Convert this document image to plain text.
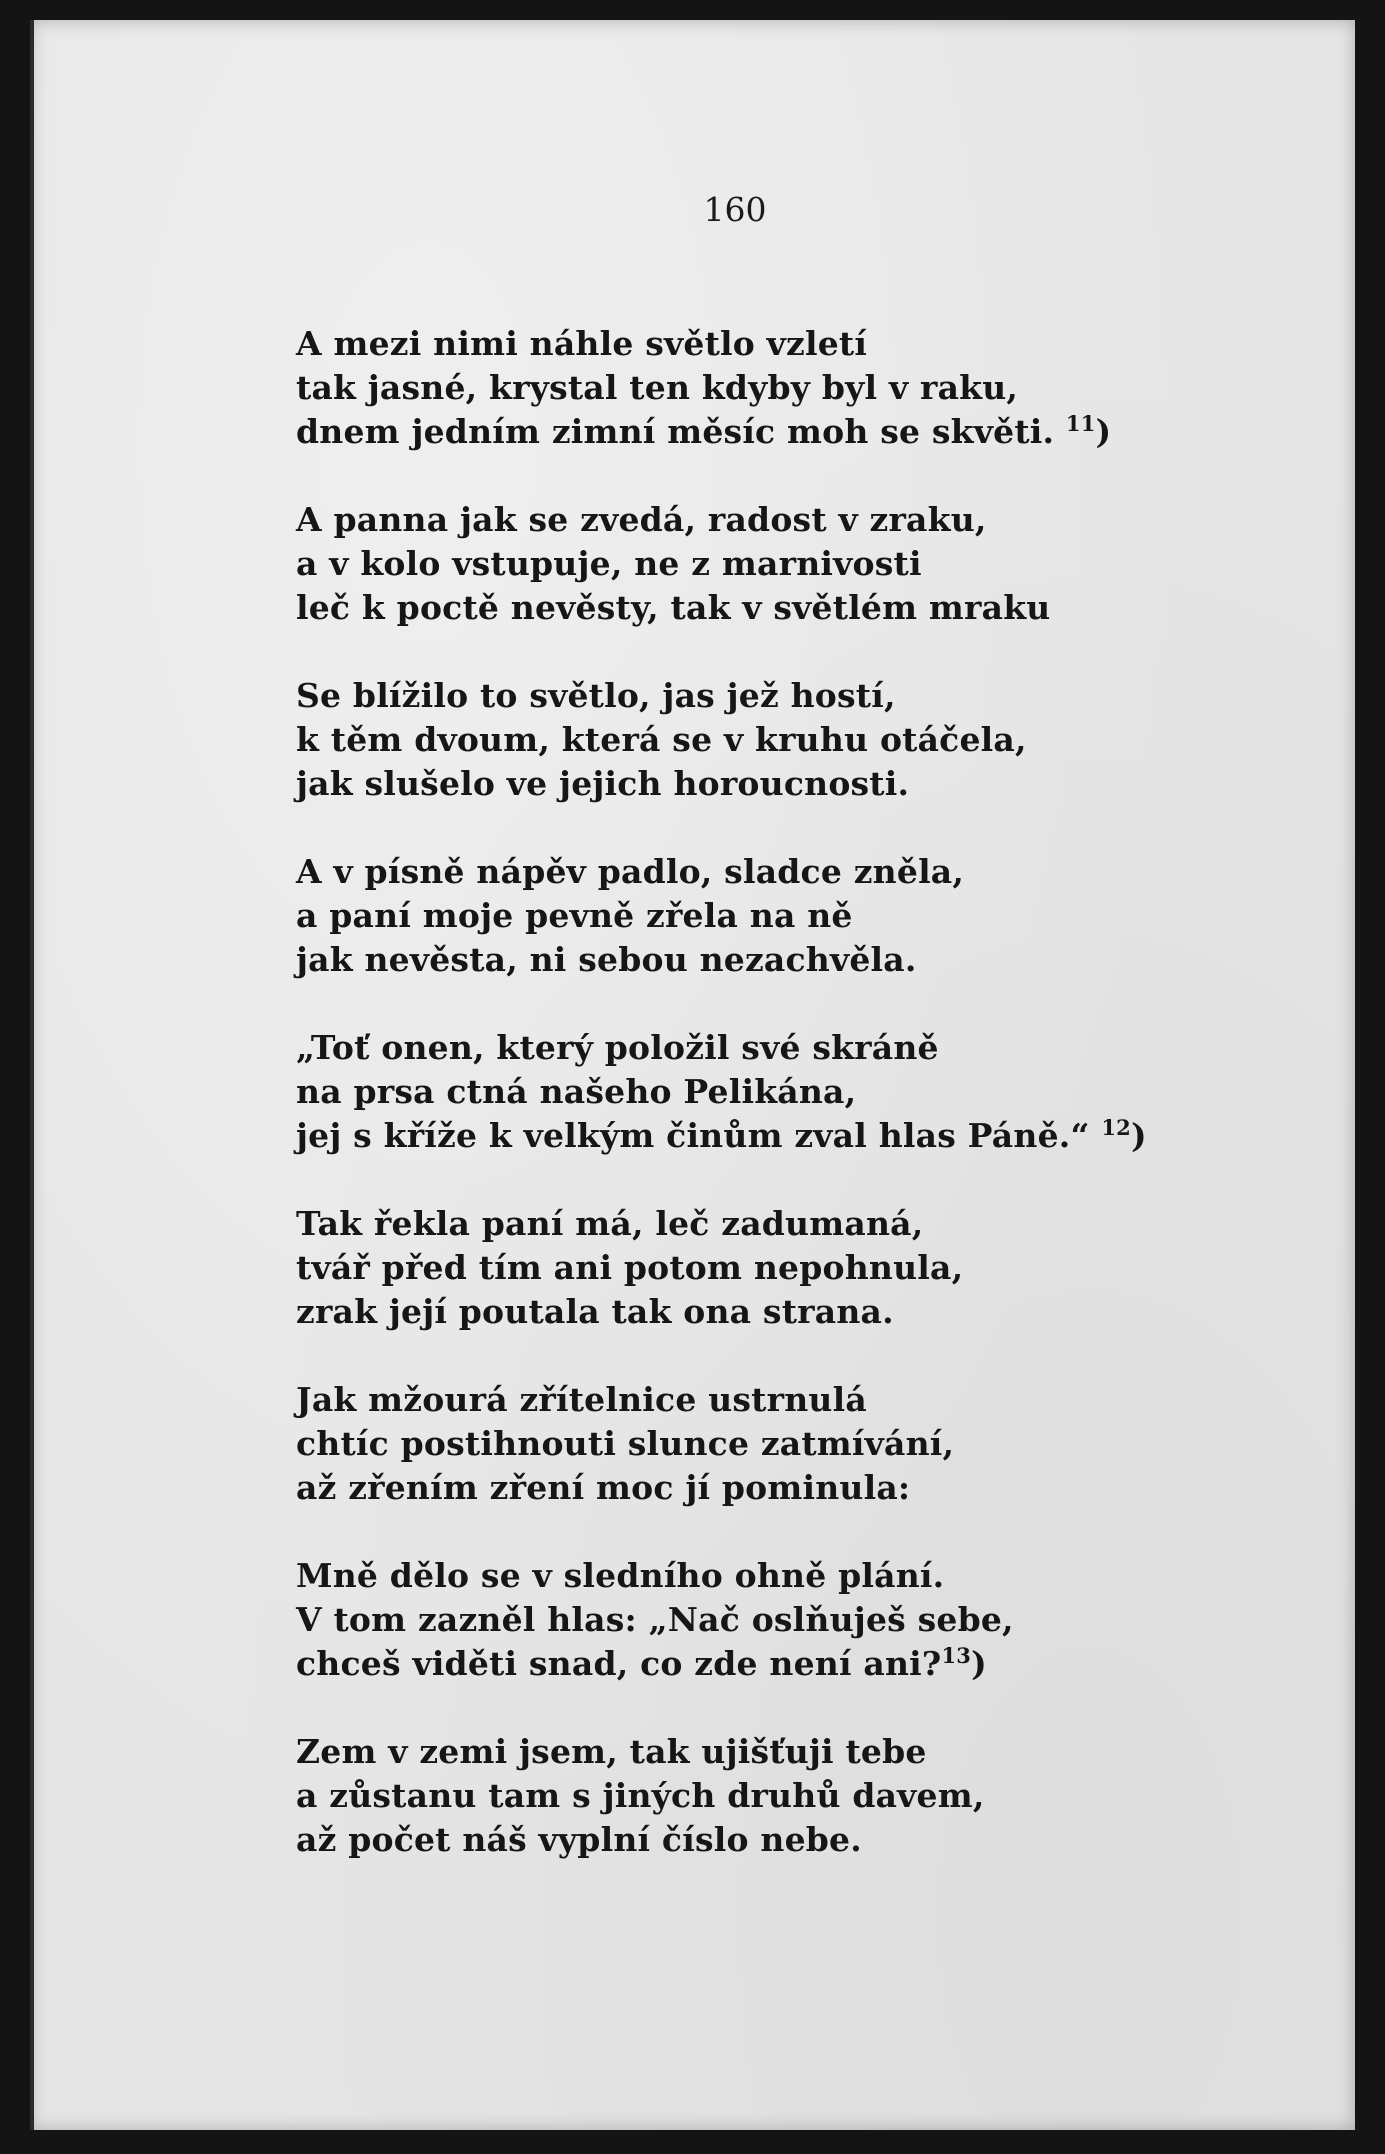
160

A mezi nimi náhle světlo vzletí
tak jasné, krystal ten kdyby byl v raku,
dnem jedním zimní měsíc moh se skvěti. $^{11}$)
A panna jak se zvedá, radost v zraku,
a v kolo vstupuje, ne z marnivosti
leč k poctě nevěsty, tak v světlém mraku
Se blížilo to světlo, jas jež hostí,
k těm dvoum, která se v kruhu otáčela,
jak slušelo ve jejich horoucnosti.
A v písně nápěv padlo, sladce zněla,
a paní moje pevně zřela na ně
jak nevěsta, ni sebou nezachvěla.
„Toť onen, který položil své skráně
na prsa ctná našeho Pelikána,
jej s kříže k velkým činům zval hlas Páně.“ $^{12}$)
Tak řekla paní má, leč zadumaná,
tvář před tím ani potom nepohnula,
zrak její poutala tak ona strana.
Jak mžourá zřítelnice ustrnulá
chtíc postihnouti slunce zatmívání,
až zřením zření moc jí pominula:
Mně dělo se v sledního ohně plání.
V tom zazněl hlas: „Nač oslňuješ sebe,
chceš viděti snad, co zde není ani?$^{13}$)
Zem v zemi jsem, tak ujišťuji tebe
a zůstanu tam s jiných druhů davem,
až počet náš vyplní číslo nebe.
